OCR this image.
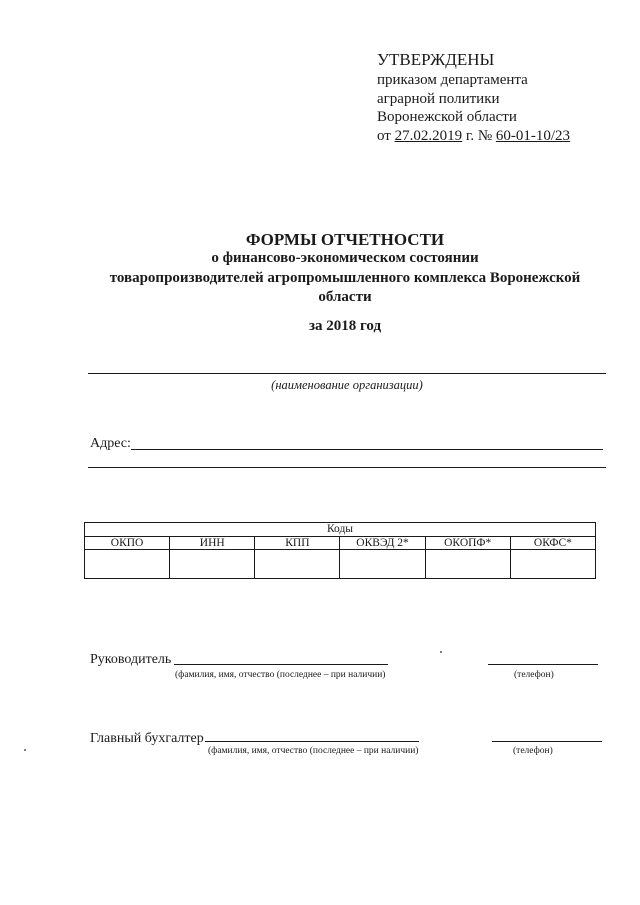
УТВЕРЖДЕНЫ
приказом департамента
аграрной политики
Воронежской области
от 27.02.2019 г. № 60-01-10/23
ФОРМЫ ОТЧЕТНОСТИ
о финансово-экономическом состоянии
товаропроизводителей агропромышленного комплекса Воронежской
области
за 2018 год
(наименование организации)
Адрес:
Коды					
ОКПО	ИНН	КПП	ОКВЭД 2*	ОКОПФ*	ОКФС*

Руководитель
(фамилия, имя, отчество (последнее – при наличии)	(телефон)
Главный бухгалтер
(фамилия, имя, отчество (последнее – при наличии)	(телефон)
